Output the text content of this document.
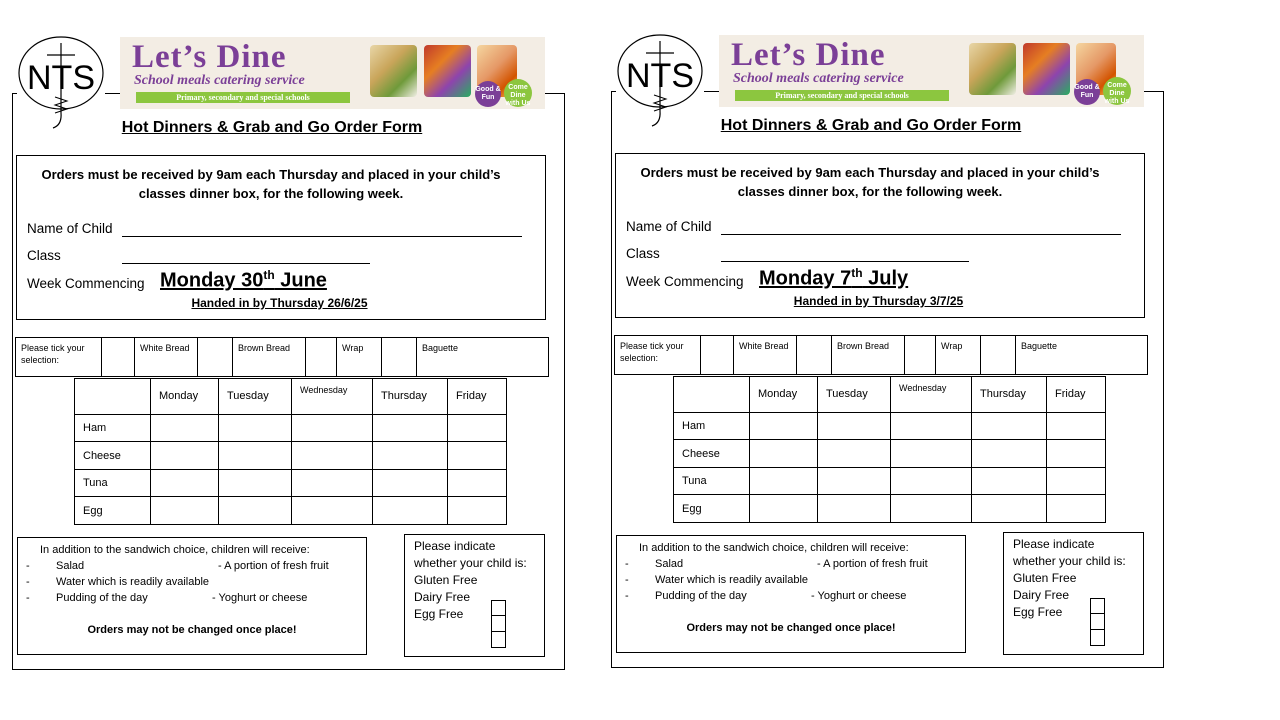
NTS
Let’s Dine
School meals catering service
Primary, secondary and special schools
Good & Fun
Come Dine with Us
Hot Dinners & Grab and Go Order Form
Orders must be received by 9am each Thursday and placed in your child’s classes dinner box, for the following week.
Name of Child
Class
Week Commencing Monday 30th June
Handed in by Thursday 26/6/25
Please tick your selection:		White Bread		Brown Bread		Wrap		Baguette
	Monday	Tuesday	Wednesday	Thursday	Friday
Ham					
Cheese					
Tuna					
Egg					
In addition to the sandwich choice, children will receive:
- Salad	- A portion of fresh fruit
- Water which is readily available
- Pudding of the day	- Yoghurt or cheese
Orders may not be changed once place!
Please indicate whether your child is:
Gluten Free
Dairy Free
Egg Free
NTS
Let’s Dine
School meals catering service
Primary, secondary and special schools
Good & Fun
Come Dine with Us
Hot Dinners & Grab and Go Order Form
Orders must be received by 9am each Thursday and placed in your child’s classes dinner box, for the following week.
Name of Child
Class
Week Commencing Monday 7th July
Handed in by Thursday 3/7/25
Please tick your selection:		White Bread		Brown Bread		Wrap		Baguette
	Monday	Tuesday	Wednesday	Thursday	Friday
Ham					
Cheese					
Tuna					
Egg					
In addition to the sandwich choice, children will receive:
- Salad	- A portion of fresh fruit
- Water which is readily available
- Pudding of the day	- Yoghurt or cheese
Orders may not be changed once place!
Please indicate whether your child is:
Gluten Free
Dairy Free
Egg Free
